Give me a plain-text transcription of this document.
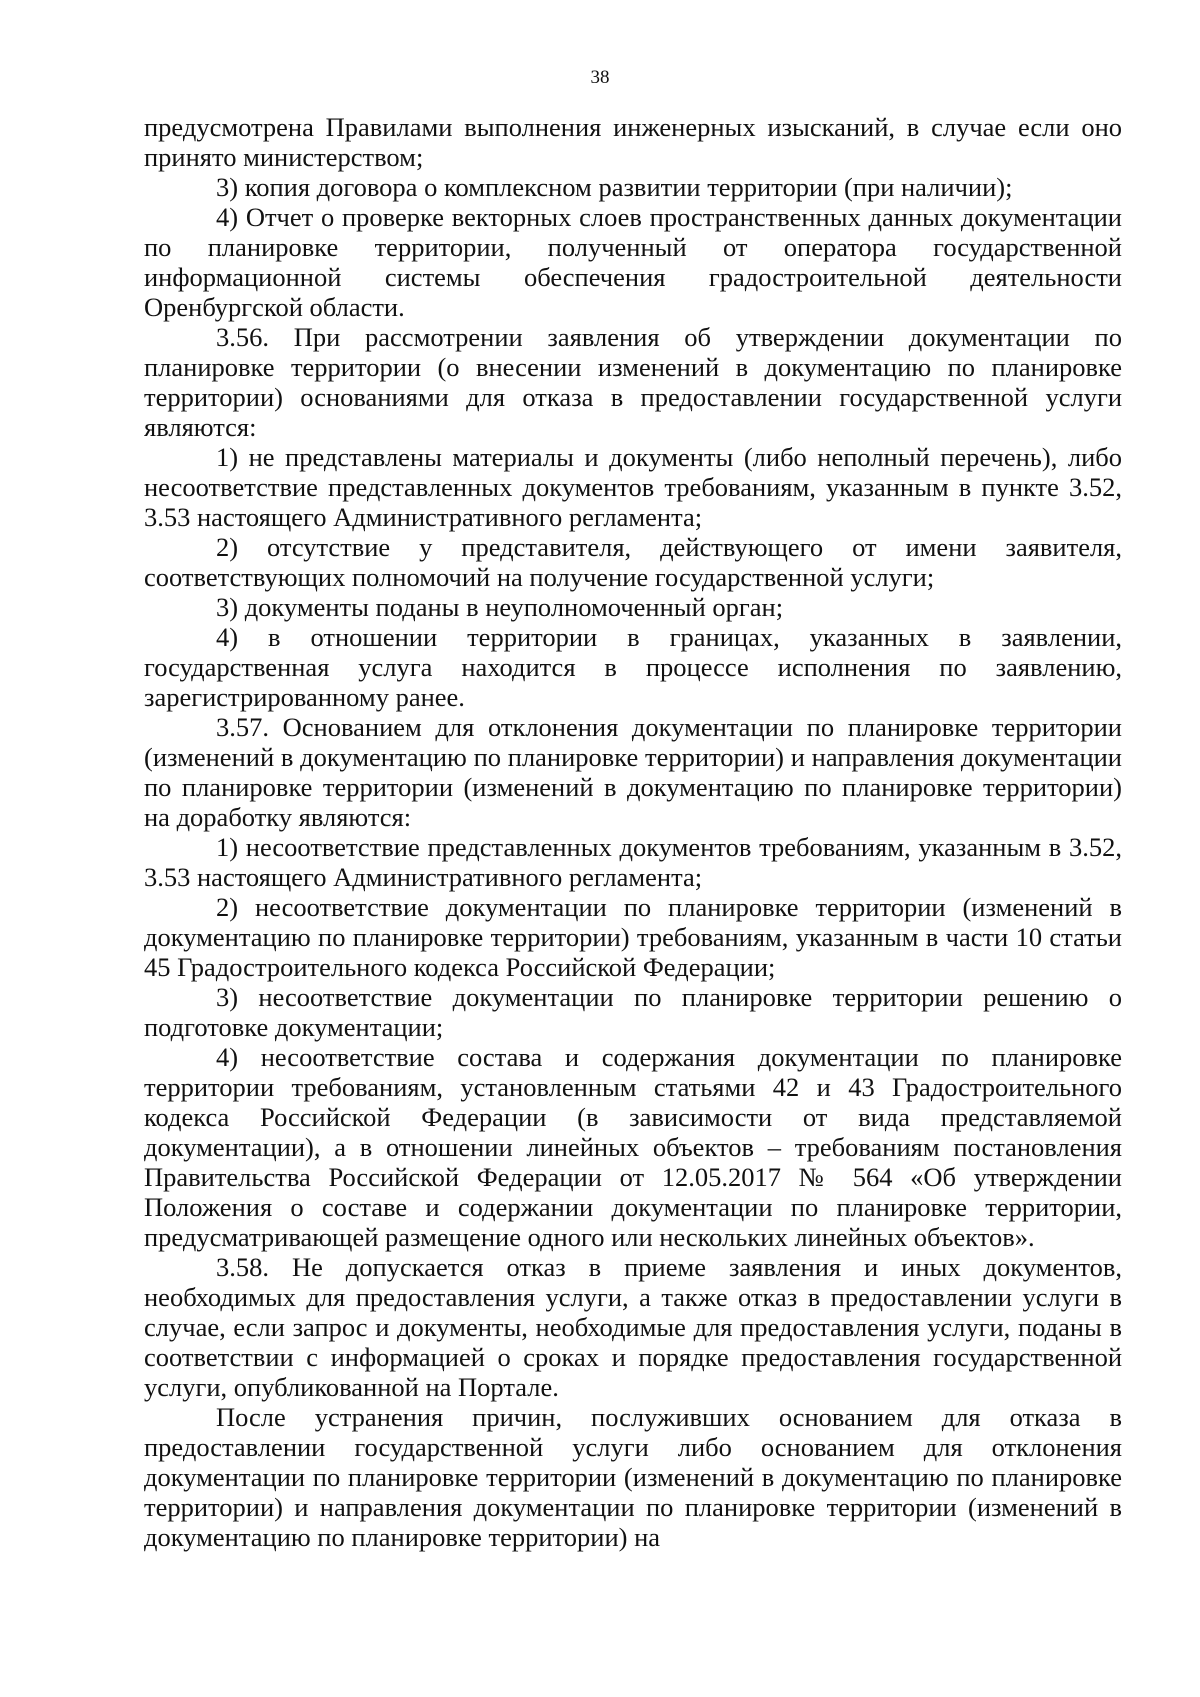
38

предусмотрена Правилами выполнения инженерных изысканий, в случае если оно принято министерством;

3) копия договора о комплексном развитии территории (при наличии);

4) Отчет о проверке векторных слоев пространственных данных документации по планировке территории, полученный от оператора государственной информационной системы обеспечения градостроительной деятельности Оренбургской области.

3.56. При рассмотрении заявления об утверждении документации по планировке территории (о внесении изменений в документацию по планировке территории) основаниями для отказа в предоставлении государственной услуги являются:

1) не представлены материалы и документы (либо неполный перечень), либо несоответствие представленных документов требованиям, указанным в пункте 3.52, 3.53 настоящего Административного регламента;

2) отсутствие у представителя, действующего от имени заявителя, соответствующих полномочий на получение государственной услуги;

3) документы поданы в неуполномоченный орган;

4) в отношении территории в границах, указанных в заявлении, государственная услуга находится в процессе исполнения по заявлению, зарегистрированному ранее.

3.57. Основанием для отклонения документации по планировке территории (изменений в документацию по планировке территории) и направления документации по планировке территории (изменений в документацию по планировке территории) на доработку являются:

1) несоответствие представленных документов требованиям, указанным в 3.52, 3.53 настоящего Административного регламента;

2) несоответствие документации по планировке территории (изменений в документацию по планировке территории) требованиям, указанным в части 10 статьи 45 Градостроительного кодекса Российской Федерации;

3) несоответствие документации по планировке территории решению о подготовке документации;

4) несоответствие состава и содержания документации по планировке территории требованиям, установленным статьями 42 и 43 Градостроительного кодекса Российской Федерации (в зависимости от вида представляемой документации), а в отношении линейных объектов – требованиям постановления Правительства Российской Федерации от 12.05.2017 № 564 «Об утверждении Положения о составе и содержании документации по планировке территории, предусматривающей размещение одного или нескольких линейных объектов».

3.58. Не допускается отказ в приеме заявления и иных документов, необходимых для предоставления услуги, а также отказ в предоставлении услуги в случае, если запрос и документы, необходимые для предоставления услуги, поданы в соответствии с информацией о сроках и порядке предоставления государственной услуги, опубликованной на Портале.

После устранения причин, послуживших основанием для отказа в предоставлении государственной услуги либо основанием для отклонения документации по планировке территории (изменений в документацию по планировке территории) и направления документации по планировке территории (изменений в документацию по планировке территории) на
